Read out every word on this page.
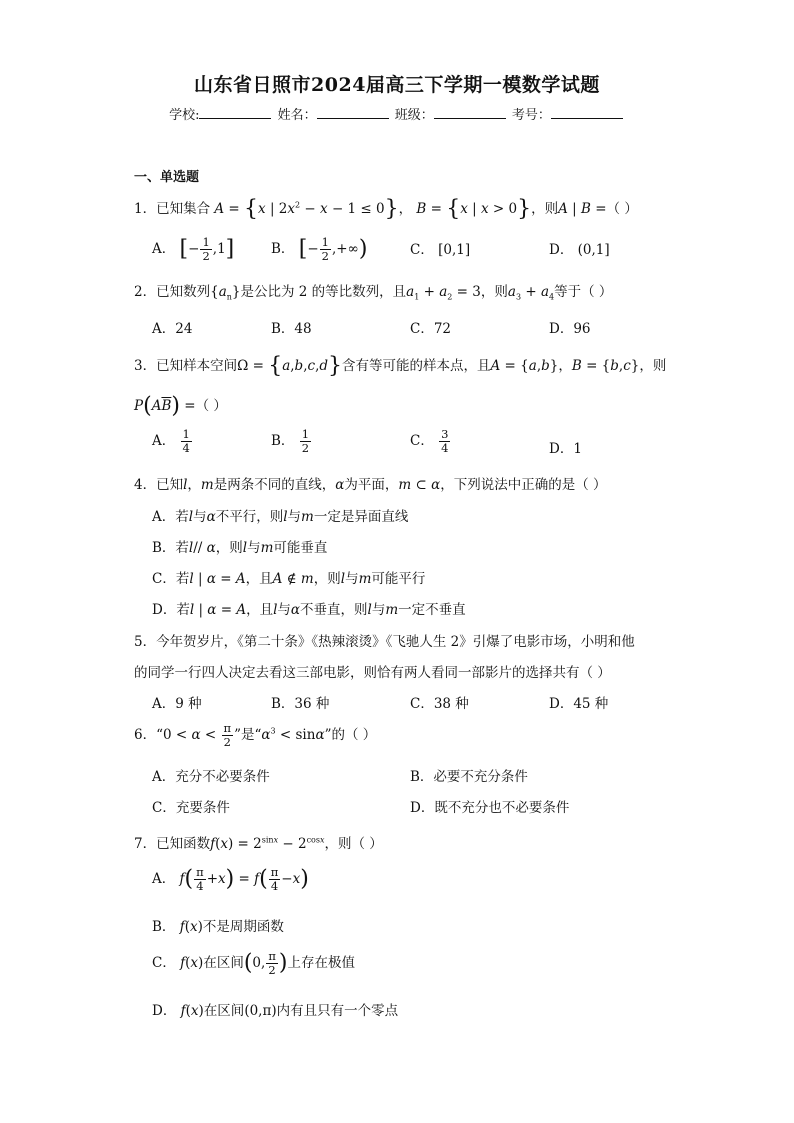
山东省日照市2024届高三下学期一模数学试题
学校:	姓名：	班级：	考号：
一、单选题
1．已知集合 A = {x | $2x^2 - x - 1 \le 0$}， B = {x | x > 0}，则A | B =（ ）
A． [− $\frac{1}{2} ,1$]	B． [− $\frac{1}{2}$ ,+∞)	C． [0,1]	D． (0,1]
2．已知数列$\{a_n\}$是公比为 2 的等比数列，且$a_1 + a_2 = 3$，则$a_3 + a_4$等于（ ）
A．24	B．48	C．72	D．96
3．已知样本空间Ω = {a,b,c,d}含有等可能的样本点，且A = {a,b}，B = {b,c}，则
$P(A\overline{B})$ =（ ）
A． $\frac{1}{4}$	B． $\frac{1}{2}$	C． $\frac{3}{4}$	D．1
4．已知l，m是两条不同的直线，α为平面，m ⊂ α，下列说法中正确的是（ ）
A．若l与α不平行，则l与m一定是异面直线
B．若l// α，则l与m可能垂直
C．若l | α = A，且A ∉ m，则l与m可能平行
D．若l | α = A，且l与α不垂直，则l与m一定不垂直
5．今年贺岁片，《第二十条》《热辣滚烫》《飞驰人生 2》引爆了电影市场，小明和他
的同学一行四人决定去看这三部电影，则恰有两人看同一部影片的选择共有（ ）
A．9 种	B．36 种	C．38 种	D．45 种
6．“$0 < \alpha < \frac{\pi}{2}$ ”是“$\alpha^3 < \sin\alpha$”的（ ）
A．充分不必要条件	B．必要不充分条件
C．充要条件	D．既不充分也不必要条件
7．已知函数$f(x) = 2^{sinx} - 2^{cosx}$，则（ ）
A． $f( \frac{\pi}{4} +x) = f( \frac{\pi}{4} -x)$
B． f(x)不是周期函数
C． f(x)在区间(0, $\frac{\pi}{2}$ )上存在极值
D． f(x)在区间(0,π)内有且只有一个零点
